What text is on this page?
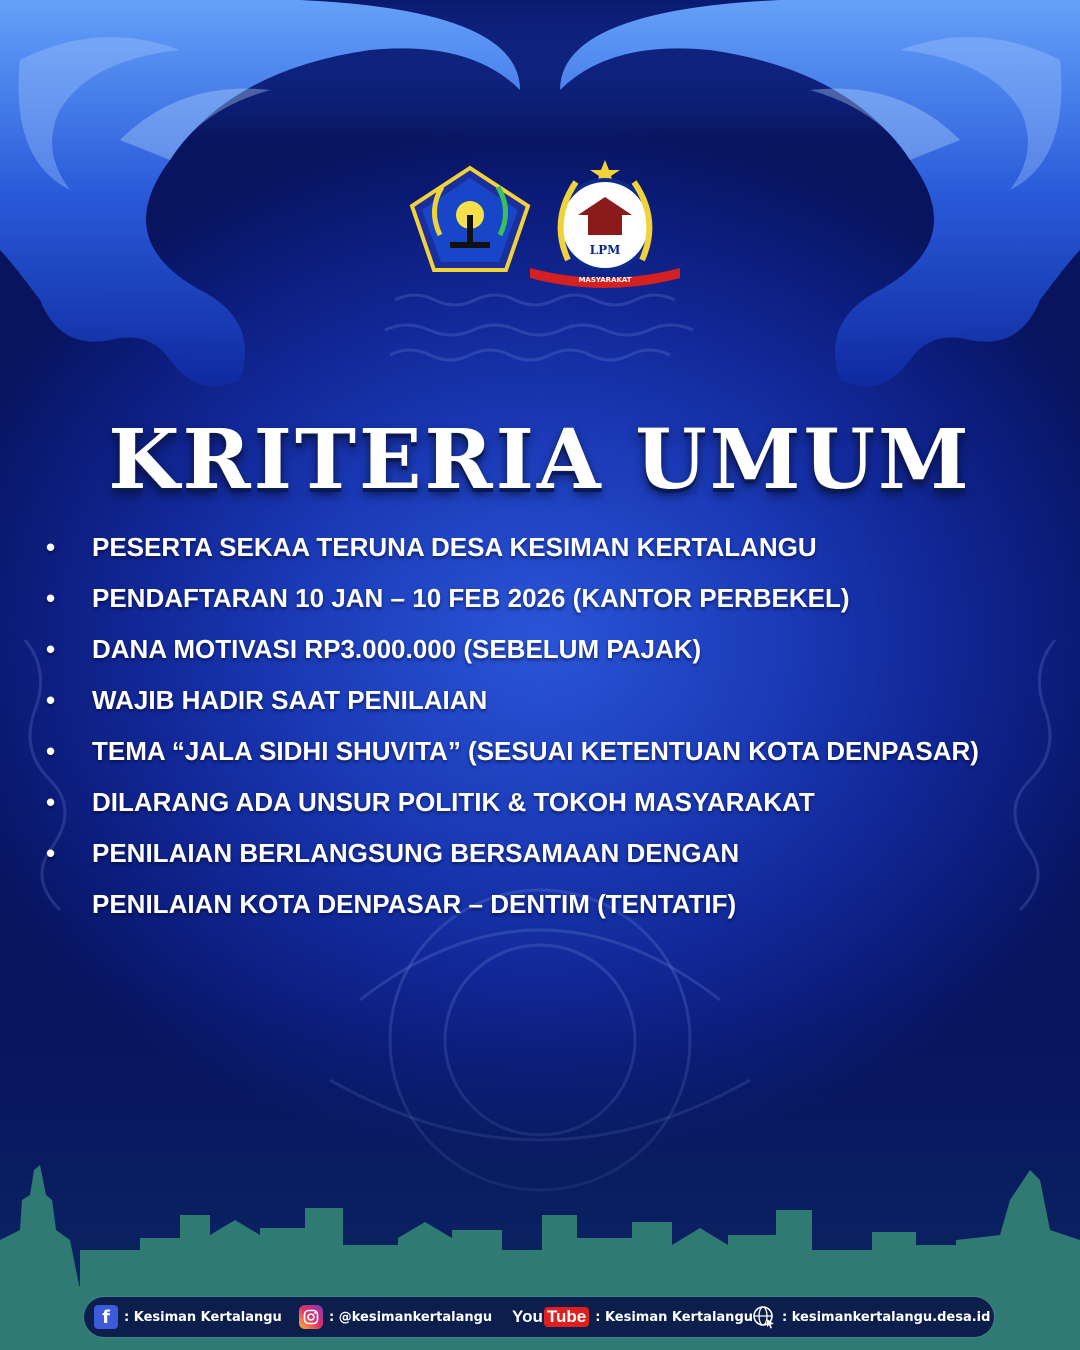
LPM
MASYARAKAT
KRITERIA UMUM
• PESERTA SEKAA TERUNA DESA KESIMAN KERTALANGU
• PENDAFTARAN 10 JAN – 10 FEB 2026 (KANTOR PERBEKEL)
• DANA MOTIVASI RP3.000.000 (SEBELUM PAJAK)
• WAJIB HADIR SAAT PENILAIAN
• TEMA “JALA SIDHI SHUVITA” (SESUAI KETENTUAN KOTA DENPASAR)
• DILARANG ADA UNSUR POLITIK & TOKOH MASYARAKAT
• PENILAIAN BERLANGSUNG BERSAMAAN DENGAN
PENILAIAN KOTA DENPASAR – DENTIM (TENTATIF)
f	: Kesiman Kertalangu	: @kesimankertalangu You Tube : Kesiman Kertalangu : kesimankertalangu.desa.id
